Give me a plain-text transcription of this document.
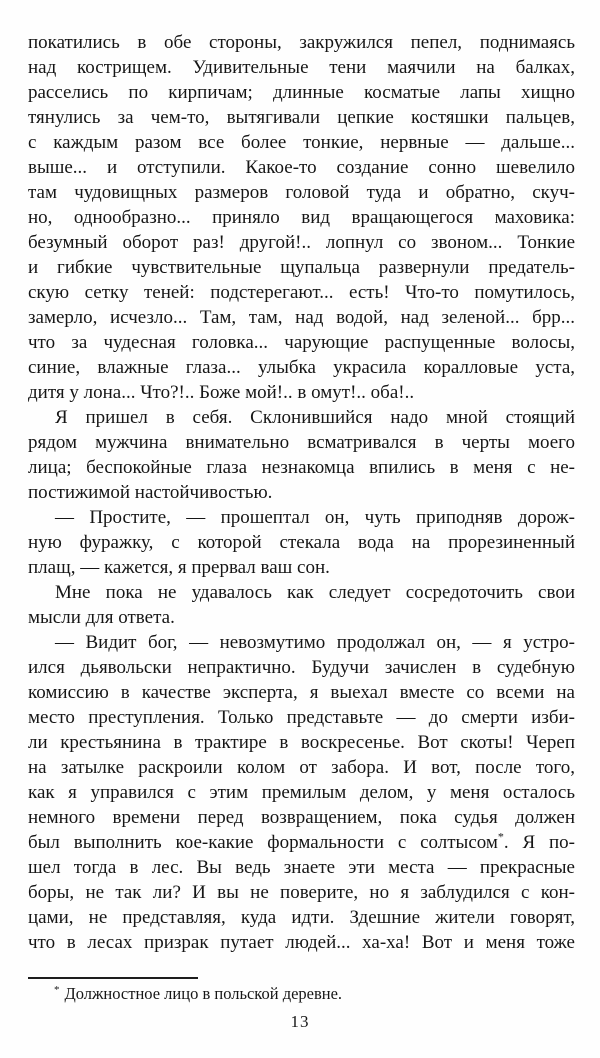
покатились в обе стороны, закружился пепел, поднимаясь
над кострищем. Удивительные тени маячили на балках,
расселись по кирпичам; длинные косматые лапы хищно
тянулись за чем-то, вытягивали цепкие костяшки пальцев,
с каждым разом все более тонкие, нервные — дальше...
выше... и отступили. Какое-то создание сонно шевелило
там чудовищных размеров головой туда и обратно, скуч-
но, однообразно... приняло вид вращающегося маховика:
безумный оборот раз! другой!.. лопнул со звоном... Тонкие
и гибкие чувствительные щупальца развернули предатель-
скую сетку теней: подстерегают... есть! Что-то помутилось,
замерло, исчезло... Там, там, над водой, над зеленой... брр...
что за чудесная головка... чарующие распущенные волосы,
синие, влажные глаза... улыбка украсила коралловые уста,
дитя у лона... Что?!.. Боже мой!.. в омут!.. оба!..
Я пришел в себя. Склонившийся надо мной стоящий
рядом мужчина внимательно всматривался в черты моего
лица; беспокойные глаза незнакомца впились в меня с не-
постижимой настойчивостью.
— Простите, — прошептал он, чуть приподняв дорож-
ную фуражку, с которой стекала вода на прорезиненный
плащ, — кажется, я прервал ваш сон.
Мне пока не удавалось как следует сосредоточить свои
мысли для ответа.
— Видит бог, — невозмутимо продолжал он, — я устро-
ился дьявольски непрактично. Будучи зачислен в судебную
комиссию в качестве эксперта, я выехал вместе со всеми на
место преступления. Только представьте — до смерти изби-
ли крестьянина в трактире в воскресенье. Вот скоты! Череп
на затылке раскроили колом от забора. И вот, после того,
как я управился с этим премилым делом, у меня осталось
немного времени перед возвращением, пока судья должен
был выполнить кое-какие формальности с солтысом*. Я по-
шел тогда в лес. Вы ведь знаете эти места — прекрасные
боры, не так ли? И вы не поверите, но я заблудился с кон-
цами, не представляя, куда идти. Здешние жители говорят,
что в лесах призрак путает людей... ха-ха! Вот и меня тоже
* Должностное лицо в польской деревне.
13
